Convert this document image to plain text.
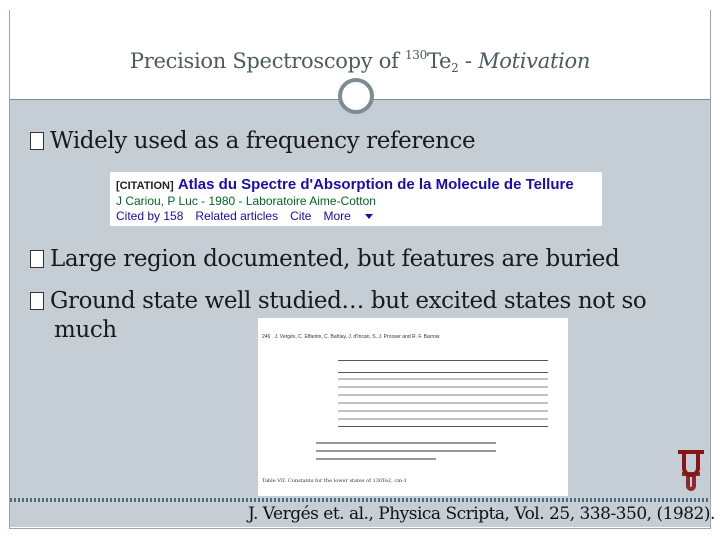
Precision Spectroscopy of $^{130}Te_2$ - Motivation
Widely used as a frequency reference
[CITATION] Atlas du Spectre d'Absorption de la Molecule de Tellure
J Cariou, P Luc - 1980 - Laboratoire Aime-Cotton
Cited by 158 Related articles Cite More
Large region documented, but features are buried
Ground state well studied… but excited states not so
much	246 J. Vergés, C. Effantin, C. Bahlay, J. d'Incan, S. J. Prosser and R. F. Barrow
Table VII. Constants for the lower states of 130Te2, cm-1
J. Vergés et. al., Physica Scripta, Vol. 25, 338-350, (1982).
